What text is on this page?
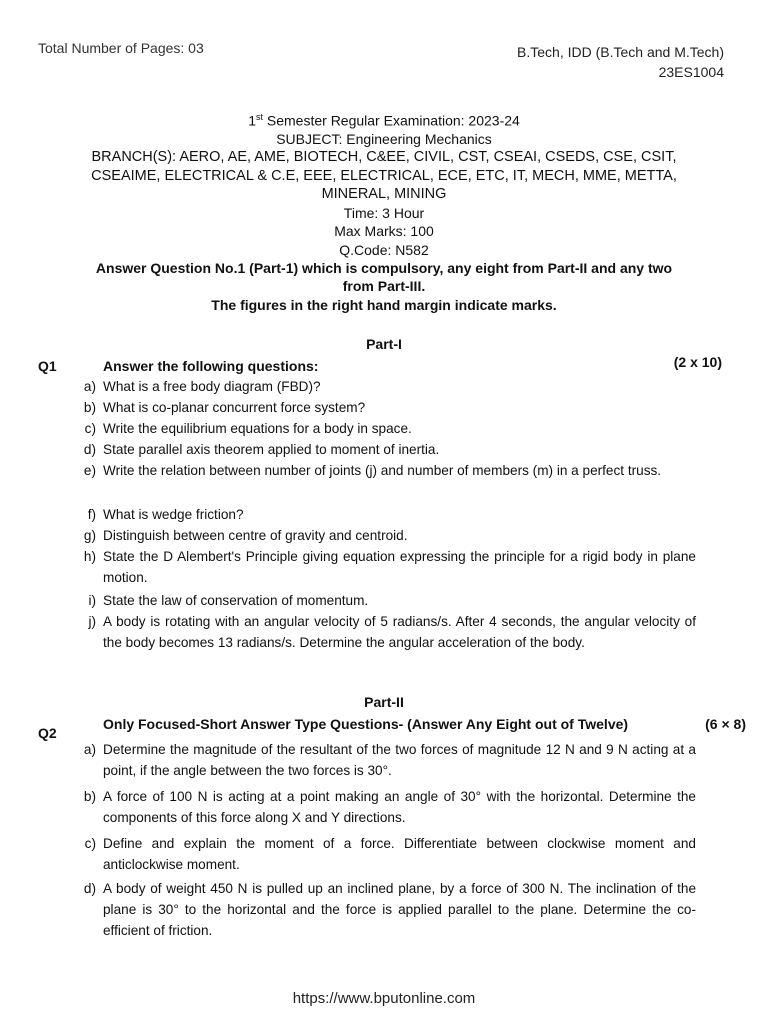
Total Number of Pages: 03	B.Tech, IDD (B.Tech and M.Tech)
23ES1004
1st Semester Regular Examination: 2023-24
SUBJECT: Engineering Mechanics
BRANCH(S): AERO, AE, AME, BIOTECH, C&EE, CIVIL, CST, CSEAI, CSEDS, CSE, CSIT,
CSEAIME, ELECTRICAL & C.E, EEE, ELECTRICAL, ECE, ETC, IT, MECH, MME, METTA,
MINERAL, MINING
Time: 3 Hour
Max Marks: 100
Q.Code: N582
Answer Question No.1 (Part-1) which is compulsory, any eight from Part-II and any two
from Part-III.
The figures in the right hand margin indicate marks.
Part-I
Q1	Answer the following questions:	(2 x 10)
a) What is a free body diagram (FBD)?
b) What is co-planar concurrent force system?
c) Write the equilibrium equations for a body in space.
d) State parallel axis theorem applied to moment of inertia.
e) Write the relation between number of joints (j) and number of members (m) in a perfect truss.
f) What is wedge friction?
g) Distinguish between centre of gravity and centroid.
h) State the D Alembert's Principle giving equation expressing the principle for a rigid body in plane motion.
i) State the law of conservation of momentum.
j) A body is rotating with an angular velocity of 5 radians/s. After 4 seconds, the angular velocity of the body becomes 13 radians/s. Determine the angular acceleration of the body.
Part-II
Q2
Only Focused-Short Answer Type Questions- (Answer Any Eight out of Twelve)	(6 × 8)
a) Determine the magnitude of the resultant of the two forces of magnitude 12 N and 9 N acting at a point, if the angle between the two forces is 30°.
b) A force of 100 N is acting at a point making an angle of 30° with the horizontal. Determine the components of this force along X and Y directions.
c) Define and explain the moment of a force. Differentiate between clockwise moment and anticlockwise moment.
d) A body of weight 450 N is pulled up an inclined plane, by a force of 300 N. The inclination of the plane is 30° to the horizontal and the force is applied parallel to the plane. Determine the co-efficient of friction.
https://www.bputonline.com
